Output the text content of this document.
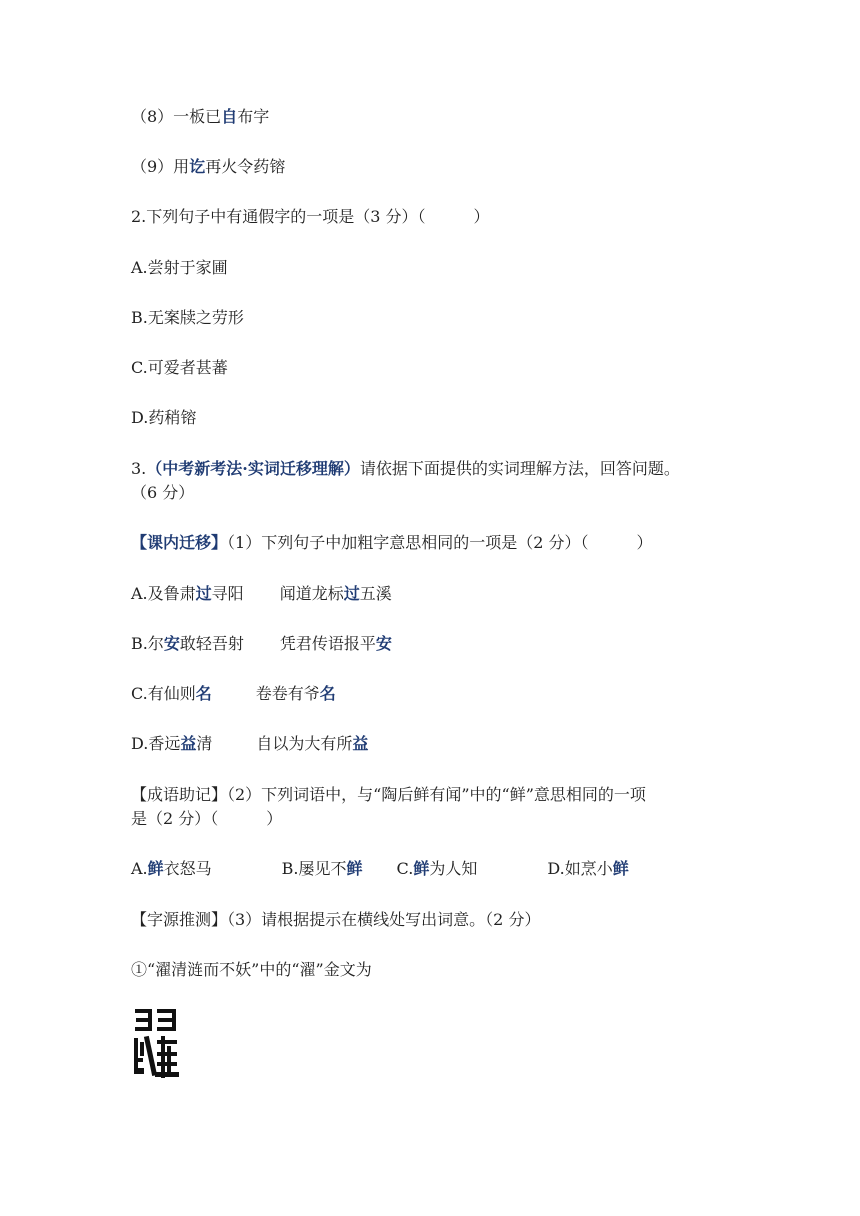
（8）一板已自布字
（9）用讫再火令药镕
2.下列句子中有通假字的一项是（3 分）（　　　）
A.尝射于家圃
B.无案牍之劳形
C.可爱者甚蕃
D.药稍镕
3.（中考新考法·实词迁移理解）请依据下面提供的实词理解方法，回答问题。
（6 分）
【课内迁移】（1）下列句子中加粗字意思相同的一项是（2 分）（　　　）
A.及鲁肃过寻阳 闻道龙标过五溪
B.尔安敢轻吾射 凭君传语报平安
C.有仙则名	卷卷有爷名
D.香远益清	自以为大有所益
【成语助记】（2）下列词语中，与“陶后鲜有闻”中的“鲜”意思相同的一项
是（2 分）（　　　）
A.鲜衣怒马	B.屡见不鲜 C.鲜为人知	D.如烹小鲜
【字源推测】（3）请根据提示在横线处写出词意。（2 分）
①“濯清涟而不妖”中的“濯”金文为
